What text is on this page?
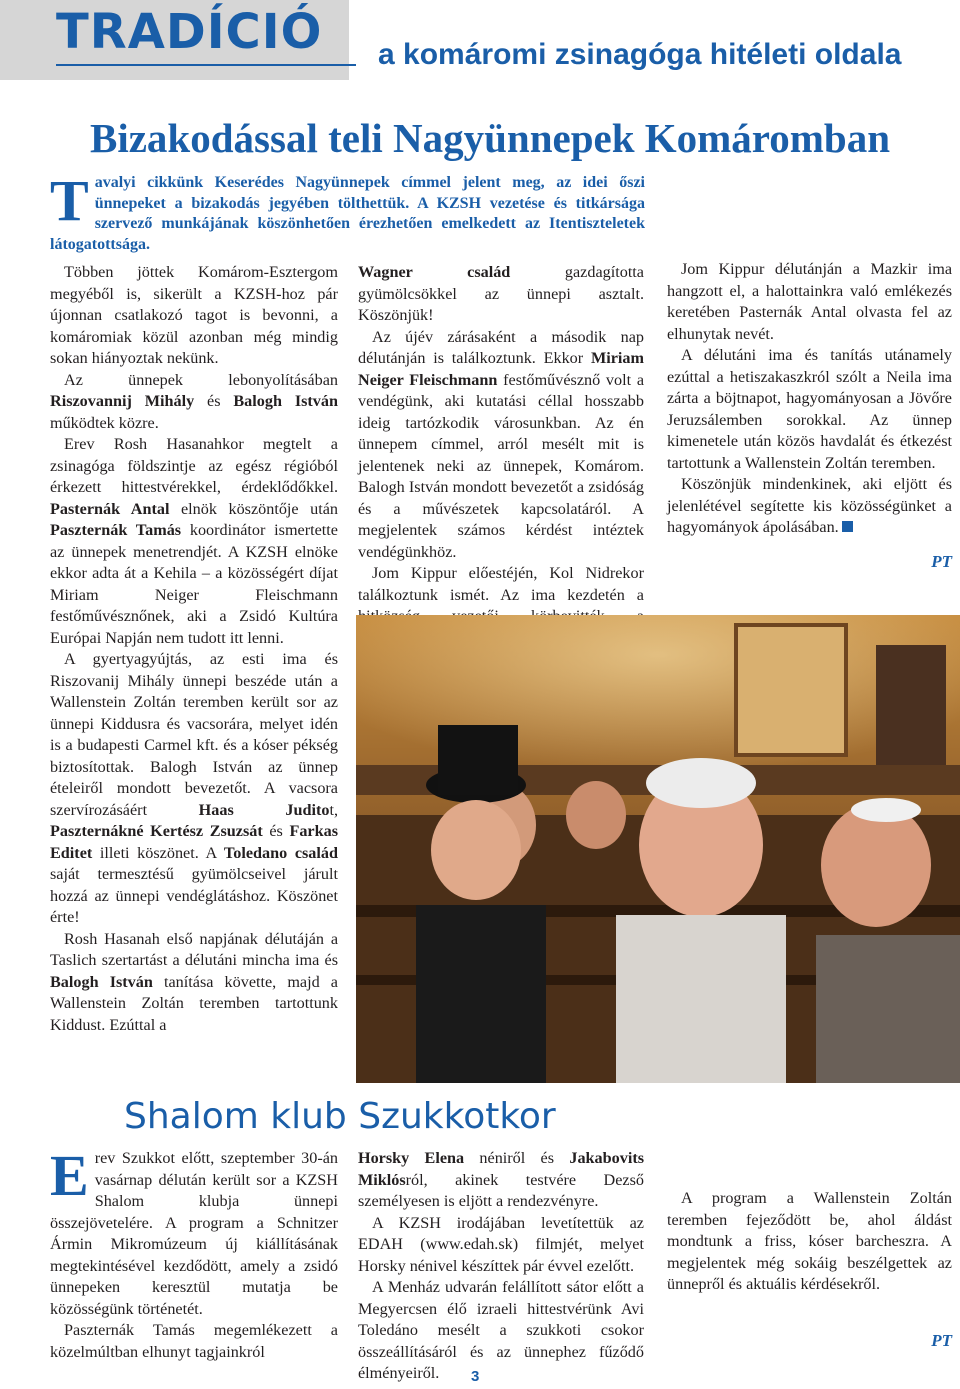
TRADÍCIÓ a komáromi zsinagóga hitéleti oldala
Bizakodással teli Nagyünnepek Komáromban
Tavalyi cikkünk Keserédes Nagyünnepek címmel jelent meg, az idei őszi ünnepeket a bizakodás jegyében tölthettük. A KZSH vezetése és titkársága szervező munkájának köszönhetően érezhetően emelkedett az Itentiszteletek látogatottsága.

Többen jöttek Komárom-Esztergom megyéből is, sikerült a KZSH-hoz pár újonnan csatlakozó tagot is bevonni, a komáromiak közül azonban még mindig sokan hiányoztak nekünk.

Az ünnepek lebonyolításában Riszovannij Mihály és Balogh István működtek közre.

Erev Rosh Hasanahkor megtelt a zsinagóga földszintje az egész régióból érkezett hittestvérekkel, érdeklődőkkel. Pasternák Antal elnök köszöntője után Paszternák Tamás koordinátor ismertette az ünnepek menetrendjét. A KZSH elnöke ekkor adta át a Kehila – a közösségért díjat Miriam Neiger Fleischmann festőművésznőnek, aki a Zsidó Kultúra Európai Napján nem tudott itt lenni.

A gyertyagyújtás, az esti ima és Riszovanij Mihály ünnepi beszéde után a Wallenstein Zoltán teremben került sor az ünnepi Kiddusra és vacsorára, melyet idén is a budapesti Carmel kft. és a kóser pékség biztosítottak. Balogh István az ünnep ételeiről mondott bevezetőt. A vacsora szervírozásáért Haas Juditot, Paszternákné Kertész Zsuzsát és Farkas Editet illeti köszönet. A Toledano család saját termesztésű gyümölcseivel járult hozzá az ünnepi vendéglátáshoz. Köszönet érte!

Rosh Hasanah első napjának délutáján a Taslich szertartást a délutáni mincha ima és Balogh István tanítása követte, majd a Wallenstein Zoltán teremben tartottunk Kiddust. Ezúttal a

Wagner család gazdagította gyümölcsökkel az ünnepi asztalt. Köszönjük!

Az újév zárásaként a második nap délutánján is találkoztunk. Ekkor Miriam Neiger Fleischmann festőművésznő volt a vendégünk, aki kutatási céllal hosszabb ideig tartózkodik városunkban. Az én ünnepem címmel, arról mesélt mit is jelentenek neki az ünnepek, Komárom. Balogh István mondott bevezetőt a zsidóság és a művészetek kapcsolatáról. A megjelentek számos kérdést intéztek vendégünkhöz.

Jom Kippur előestéjén, Kol Nidrekor találkoztunk ismét. Az ima kezdetén a

Jom Kippur délutánján a Mazkir ima hangzott el, a halottainkra való emlékezés keretében Pasternák Antal olvasta fel az elhunytak nevét.

A délutáni ima és tanítás utánamely ezúttal a hetiszakaszkról szólt a Neila ima zárta a böjtnapot, hagyományosan a Jövőre Jeruzsálemben sorokkal. Az ünnep kimenetele után közös havdalát és étkezést tartottunk a Wallenstein Zoltán teremben.

Köszönjük mindenkinek, aki eljött és jelenlétével segítette kis közösségünket a hagyományok ápolásában.

PT
Shalom klub Szukkotkor

Erev Szukkot előtt, szeptember 30-án vasárnap délután került sor a KZSH Shalom klubja ünnepi összejövetelére. A program a Schnitzer Ármin Mikromúzeum új kiállításának megtekintésével kezdődött, amely a zsidó ünnepeken keresztül mutatja be közösségünk történetét.

Paszternák Tamás megemlékezett a közelmúltban elhunyt tagjainkról

Horsky Elena néniről és Jakabovits Miklósról, akinek testvére Dezső személyesen is eljött a rendezvényre.

A KZSH irodájában levetítettük az EDAH (www.edah.sk) filmjét, melyet Horsky nénivel készíttek pár évvel ezelőtt.

A Menház udvarán felállított sátor előtt a Megyercsen élő izraeli hittestvérünk Avi Toledáno mesélt a szukkoti csokor összeállításáról és az ünnephez fűződő élményeiről.

A program a Wallenstein Zoltán teremben fejeződött be, ahol áldást mondtunk a friss, kóser barcheszra. A megjelentek még sokáig beszélgettek az ünnepről és aktuális kérdésekről.

PT
3
